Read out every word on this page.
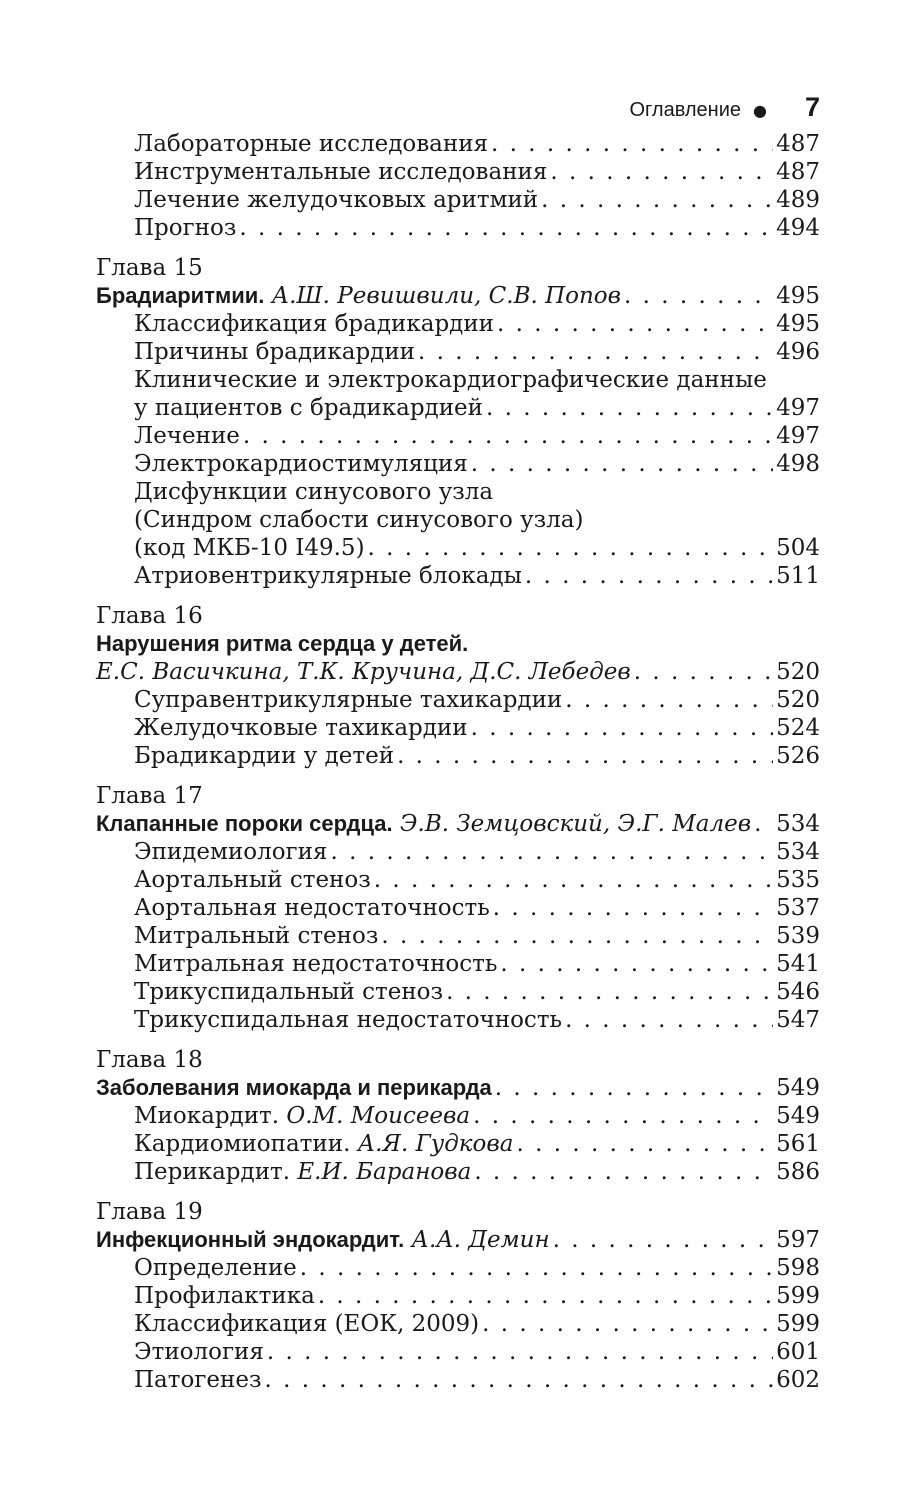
Оглавление ● 7
Лабораторные исследования . . .	487
Инструментальные исследования . . .	487
Лечение желудочковых аритмий . . .	489
Прогноз . . .	494
Глава 15
Брадиаритмии. А.Ш. Ревишвили, С.В. Попов . . .	495
Классификация брадикардии . . .	495
Причины брадикардии . . .	496
Клинические и электрокардиографические данные
у пациентов с брадикардией . . .	497
Лечение . . .	497
Электрокардиостимуляция . . .	498
Дисфункции синусового узла
(Синдром слабости синусового узла)
(код МКБ-10 I49.5) . . .	504
Атриовентрикулярные блокады . . .	511
Глава 16
Нарушения ритма сердца у детей.
Е.С. Васичкина, Т.К. Кручина, Д.С. Лебедев . . .	520
Суправентрикулярные тахикардии . . .	520
Желудочковые тахикардии . . .	524
Брадикардии у детей . . .	526
Глава 17
Клапанные пороки сердца. Э.В. Земцовский, Э.Г. Малев . . . 534
Эпидемиология . . .	534
Аортальный стеноз . . .	535
Аортальная недостаточность . . .	537
Митральный стеноз . . .	539
Митральная недостаточность . . .	541
Трикуспидальный стеноз . . .	546
Трикуспидальная недостаточность . . .	547
Глава 18
Заболевания миокарда и перикарда . . .	549
Миокардит. О.М. Моисеева . . .	549
Кардиомиопатии. А.Я. Гудкова . . .	561
Перикардит. Е.И. Баранова . . .	586
Глава 19
Инфекционный эндокардит. А.А. Демин . . .	597
Определение . . .	598
Профилактика . . .	599
Классификация (ЕОК, 2009) . . .	599
Этиология . . .	601
Патогенез . . .	602
